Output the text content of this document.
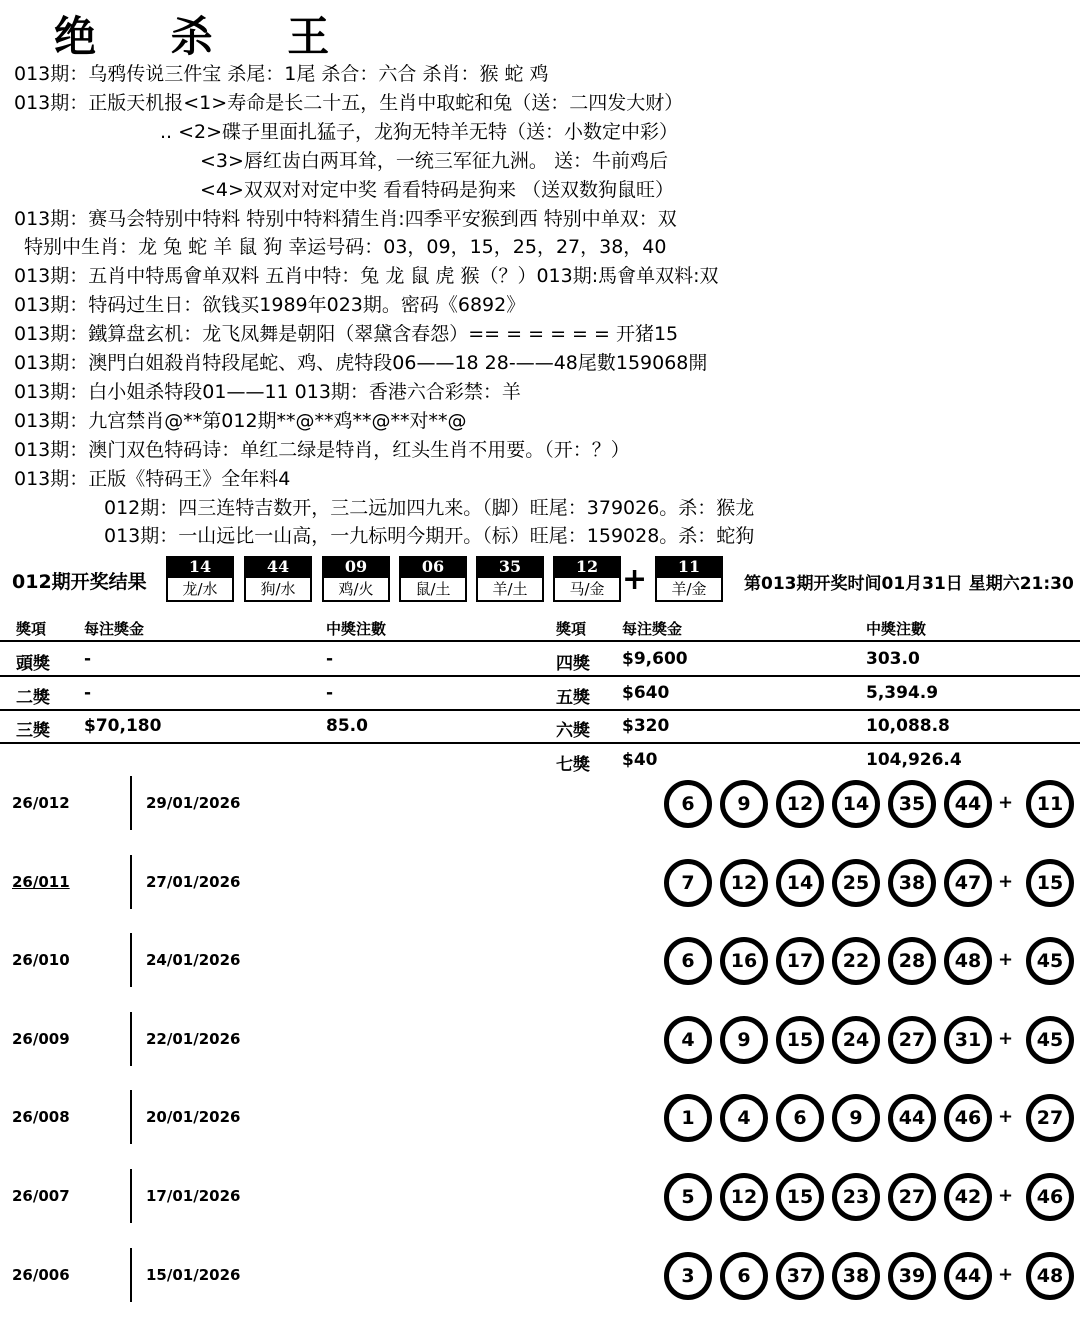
绝 杀 王
013期：乌鸦传说三件宝 杀尾：1尾 杀合：六合 杀肖：猴 蛇 鸡
013期：正版天机报<1>寿命是长二十五，生肖中取蛇和兔（送：二四发大财）
.. <2>碟子里面扎猛子，龙狗无特羊无特（送：小数定中彩）
<3>唇红齿白两耳耸，一统三军征九洲。 送：牛前鸡后
<4>双双对对定中奖 看看特码是狗来 （送双数狗鼠旺）
013期：赛马会特别中特料 特别中特料猜生肖:四季平安猴到西 特别中单双：双
特别中生肖：龙 兔 蛇 羊 鼠 狗 幸运号码：03，09，15，25，27，38，40
013期：五肖中特馬會单双料 五肖中特：兔 龙 鼠 虎 猴（？）013期:馬會单双料:双
013期：特码过生日：欲钱买1989年023期。密码《6892》
013期：鐵算盘玄机：龙飞凤舞是朝阳（翠黛含春怨）== = = = = = 开猪15
013期：澳門白姐殺肖特段尾蛇、鸡、虎特段06——18 28-——48尾數159068開
013期：白小姐杀特段01——11 013期：香港六合彩禁：羊
013期：九宫禁肖@**第012期**@**鸡**@**对**@
013期：澳门双色特码诗：单红二绿是特肖，红头生肖不用要。（开：？）
013期：正版《特码王》全年料4
012期：四三连特吉数开，三二远加四九来。（脚）旺尾：379026。杀：猴龙
013期：一山远比一山高，一九标明今期开。（标）旺尾：159028。杀：蛇狗
012期开奖结果
14
龙/水
44
狗/水
09
鸡/火
06
鼠/土
35
羊/土
12
马/金 +	11
羊/金	第013期开奖时间01月31日 星期六21:30
獎項	每注獎金	中獎注數	獎項 每注獎金	中獎注數
頭獎 -	-	四獎 $9,600	303.0
二獎 -	-	五獎 $640	5,394.9
三獎 $70,180	85.0	六獎 $320	10,088.8
七獎 $40	104,926.4
26/012	29/01/2026	6	9	12	14	35	44 +	11
26/011	27/01/2026	7	12	14	25	38	47 +	15
26/010	24/01/2026	6	16	17	22	28	48 +	45
26/009	22/01/2026	4	9	15	24	27	31 +	45
26/008	20/01/2026	1	4	6	9	44	46 +	27
26/007	17/01/2026	5	12	15	23	27	42 +	46
26/006	15/01/2026	3	6	37	38	39	44 +	48
